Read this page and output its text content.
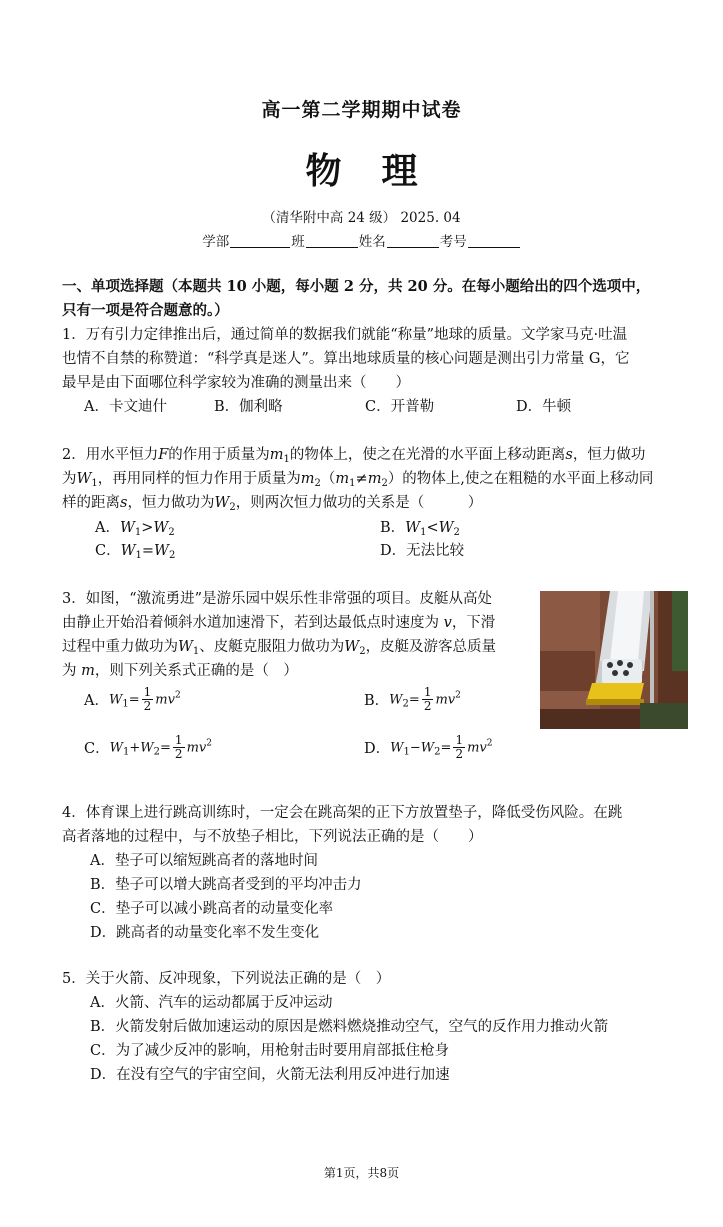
高一第二学期期中试卷
物理
（清华附中高 24 级） 2025. 04
学部	班	姓名	考号
一、单项选择题（本题共 10 小题，每小题 2 分，共 20 分。在每小题给出的四个选项中，
只有一项是符合题意的。）
1．万有引力定律推出后，通过简单的数据我们就能“称量”地球的质量。文学家马克·吐温
也情不自禁的称赞道：“科学真是迷人”。算出地球质量的核心问题是测出引力常量 G，它
最早是由下面哪位科学家较为准确的测量出来（　　）
A．卡文迪什	B．伽利略	C．开普勒	D．牛顿
2．用水平恒力F的作用于质量为$m_1$的物体上，使之在光滑的水平面上移动距离s，恒力做功
为$W_1$，再用同样的恒力作用于质量为$m_2(m_1\ne m_2)$的物体上,使之在粗糙的水平面上移动同
样的距离s，恒力做功为$W_2$，则两次恒力做功的关系是（　　　）
A．$W_1>W_2$	B．$W_1<W_2$
C．$W_1=W_2$	D．无法比较
3．如图，“激流勇进”是游乐园中娱乐性非常强的项目。皮艇从高处
由静止开始沿着倾斜水道加速滑下，若到达最低点时速度为 v，下滑
过程中重力做功为$W_1$、皮艇克服阻力做功为$W_2$，皮艇及游客总质量
为 m，则下列关系式正确的是（　）
A．$W_1= \frac{1}{2} mv^2$	B．$W_2= \frac{1}{2} mv^2$
C．$W_1+W_2= \frac{1}{2} mv^2$	D．$W_1-W_2= \frac{1}{2} mv^2$
4．体育课上进行跳高训练时，一定会在跳高架的正下方放置垫子，降低受伤风险。在跳
高者落地的过程中，与不放垫子相比，下列说法正确的是（　　）
A．垫子可以缩短跳高者的落地时间
B．垫子可以增大跳高者受到的平均冲击力
C．垫子可以减小跳高者的动量变化率
D．跳高者的动量变化率不发生变化
5．关于火箭、反冲现象，下列说法正确的是（　）
A．火箭、汽车的运动都属于反冲运动
B．火箭发射后做加速运动的原因是燃料燃烧推动空气，空气的反作用力推动火箭
C．为了减少反冲的影响，用枪射击时要用肩部抵住枪身
D．在没有空气的宇宙空间，火箭无法利用反冲进行加速
第1页，共8页
